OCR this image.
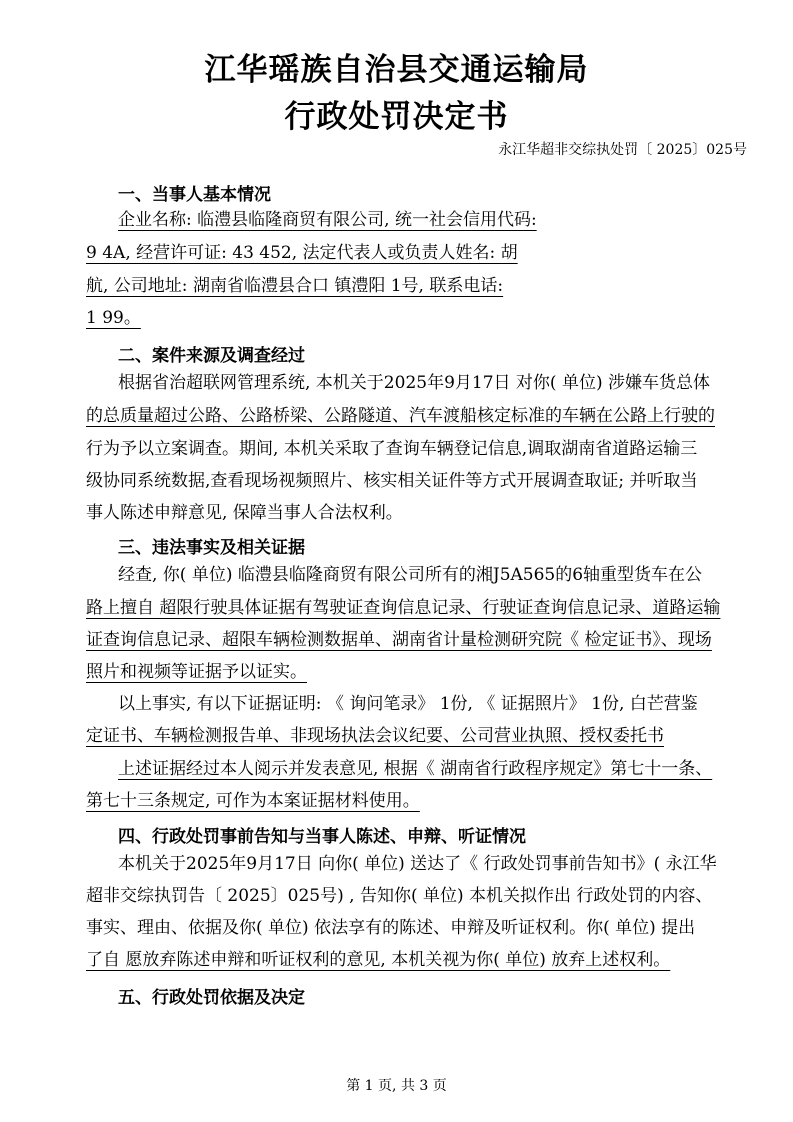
江华瑶族自治县交通运输局
行政处罚决定书
永江华超非交综执处罚〔 2025〕025号
一、当事人基本情况
企业名称: 临澧县临隆商贸有限公司, 统一社会信用代码:
9 4A, 经营许可证: 43 452, 法定代表人或负责人姓名: 胡
航, 公司地址: 湖南省临澧县合口 镇澧阳 1号, 联系电话:
1 99。
二、案件来源及调查经过
根据省治超联网管理系统, 本机关于2025年9月17日 对你( 单位) 涉嫌车货总体
的总质量超过公路、公路桥梁、公路隧道、汽车渡船核定标准的车辆在公路上行驶的
行为予以立案调查。期间, 本机关采取了查询车辆登记信息,调取湖南省道路运输三
级协同系统数据,查看现场视频照片、核实相关证件等方式开展调查取证; 并听取当
事人陈述申辩意见, 保障当事人合法权利。
三、违法事实及相关证据
经查, 你( 单位) 临澧县临隆商贸有限公司所有的湘J5A565的6轴重型货车在公
路上擅自 超限行驶具体证据有驾驶证查询信息记录、行驶证查询信息记录、道路运输
证查询信息记录、超限车辆检测数据单、湖南省计量检测研究院《 检定证书》、现场
照片和视频等证据予以证实。
以上事实, 有以下证据证明: 《 询问笔录》 1份, 《 证据照片》 1份, 白芒营鉴
定证书、车辆检测报告单、非现场执法会议纪要、公司营业执照、授权委托书
上述证据经过本人阅示并发表意见, 根据《 湖南省行政程序规定》第七十一条、
第七十三条规定, 可作为本案证据材料使用。
四、行政处罚事前告知与当事人陈述、申辩、听证情况
本机关于2025年9月17日 向你( 单位) 送达了《 行政处罚事前告知书》( 永江华
超非交综执罚告〔 2025〕025号) , 告知你( 单位) 本机关拟作出 行政处罚的内容、
事实、理由、依据及你( 单位) 依法享有的陈述、申辩及听证权利。你( 单位) 提出
了自 愿放弃陈述申辩和听证权利的意见, 本机关视为你( 单位) 放弃上述权利。
五、行政处罚依据及决定
第 1 页, 共 3 页
